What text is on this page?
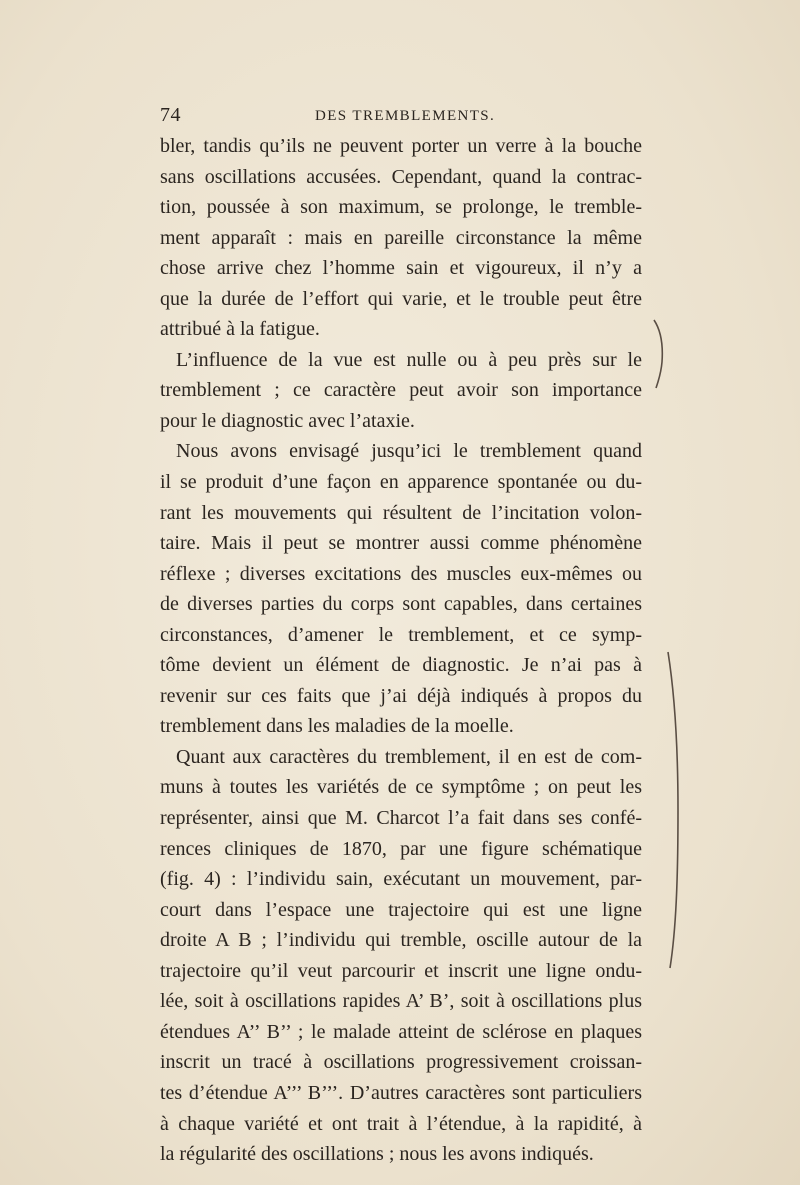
74	DES TREMBLEMENTS.
bler, tandis qu’ils ne peuvent porter un verre à la bouche
sans oscillations accusées. Cependant, quand la contrac-
tion, poussée à son maximum, se prolonge, le tremble-
ment apparaît : mais en pareille circonstance la même
chose arrive chez l’homme sain et vigoureux, il n’y a
que la durée de l’effort qui varie, et le trouble peut être
attribué à la fatigue.
L’influence de la vue est nulle ou à peu près sur le
tremblement ; ce caractère peut avoir son importance
pour le diagnostic avec l’ataxie.
Nous avons envisagé jusqu’ici le tremblement quand
il se produit d’une façon en apparence spontanée ou du-
rant les mouvements qui résultent de l’incitation volon-
taire. Mais il peut se montrer aussi comme phénomène
réflexe ; diverses excitations des muscles eux-mêmes ou
de diverses parties du corps sont capables, dans certaines
circonstances, d’amener le tremblement, et ce symp-
tôme devient un élément de diagnostic. Je n’ai pas à
revenir sur ces faits que j’ai déjà indiqués à propos du
tremblement dans les maladies de la moelle.
Quant aux caractères du tremblement, il en est de com-
muns à toutes les variétés de ce symptôme ; on peut les
représenter, ainsi que M. Charcot l’a fait dans ses confé-
rences cliniques de 1870, par une figure schématique
(fig. 4) : l’individu sain, exécutant un mouvement, par-
court dans l’espace une trajectoire qui est une ligne
droite A B ; l’individu qui tremble, oscille autour de la
trajectoire qu’il veut parcourir et inscrit une ligne ondu-
lée, soit à oscillations rapides A’ B’, soit à oscillations plus
étendues A’’ B’’ ; le malade atteint de sclérose en plaques
inscrit un tracé à oscillations progressivement croissan-
tes d’étendue A’’’ B’’’. D’autres caractères sont particuliers
à chaque variété et ont trait à l’étendue, à la rapidité, à
la régularité des oscillations ; nous les avons indiqués.
